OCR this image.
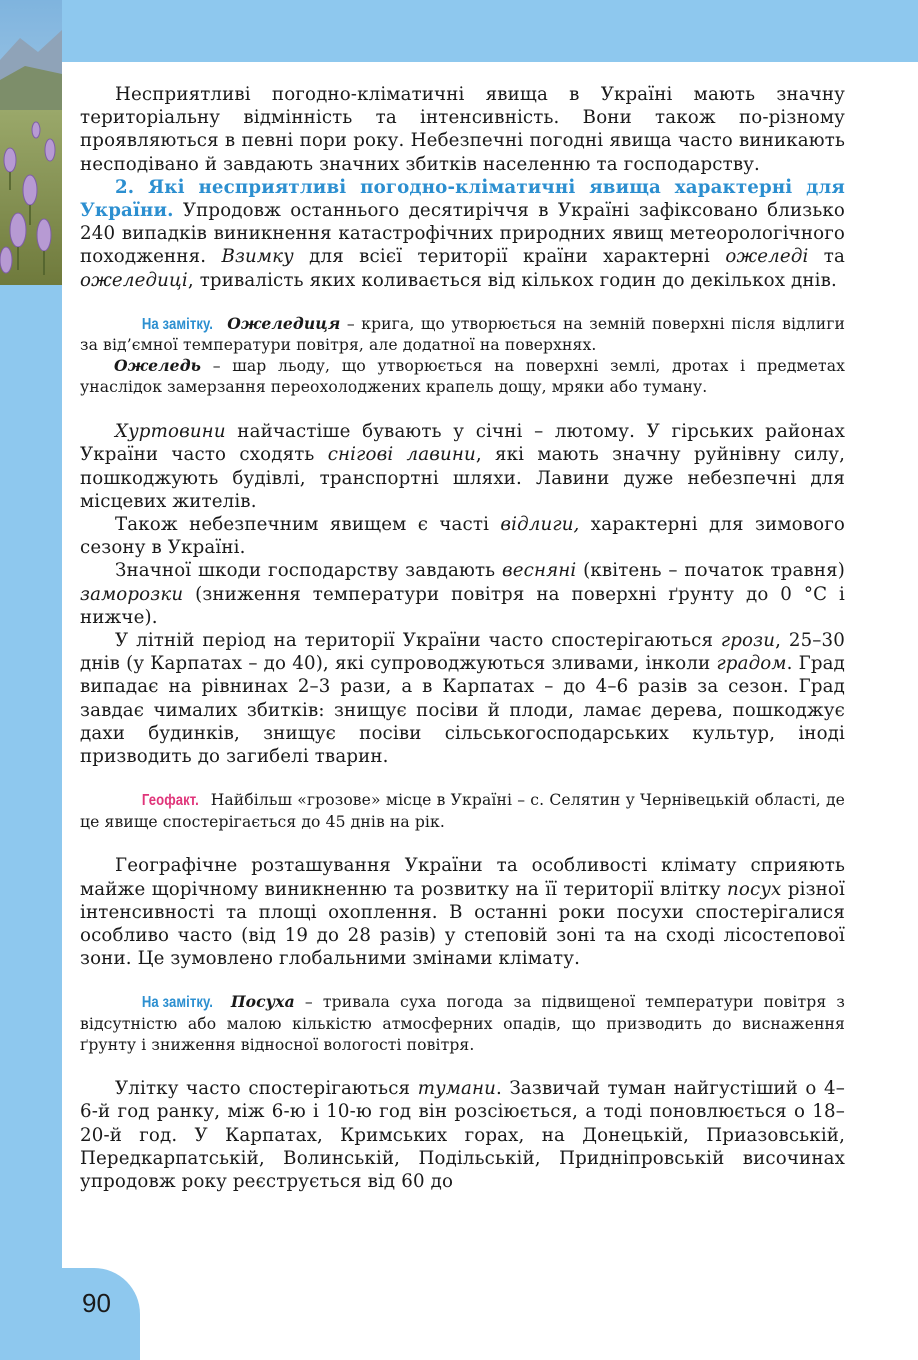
90

Несприятливі погодно-кліматичні явища в Україні мають значну територіальну відмінність та інтенсивність. Вони також по-різному проявляються в певні пори року. Небезпечні погодні явища часто виникають несподівано й завдають значних збитків населенню та господарству.

2. Які несприятливі погодно-кліматичні явища характерні для України. Упродовж останнього десятиріччя в Україні зафіксовано близько 240 випадків виникнення катастрофічних природних явищ метеорологічного походження. Взимку для всієї території країни характерні ожеледі та ожеледиці, тривалість яких коливається від кількох годин до декількох днів.

На замітку. Ожеледиця – крига, що утворюється на земній поверхні після відлиги за від’ємної температури повітря, але додатної на поверхнях.

Ожеледь – шар льоду, що утворюється на поверхні землі, дротах і предметах унаслідок замерзання переохолоджених крапель дощу, мряки або туману.

Хуртовини найчастіше бувають у січні – лютому. У гірських районах України часто сходять снігові лавини, які мають значну руйнівну силу, пошкоджують будівлі, транспортні шляхи. Лавини дуже небезпечні для місцевих жителів.

Також небезпечним явищем є часті відлиги, характерні для зимового сезону в Україні.

Значної шкоди господарству завдають весняні (квітень – початок травня) заморозки (зниження температури повітря на поверхні ґрунту до 0 °С і нижче).

У літній період на території України часто спостерігаються грози, 25–30 днів (у Карпатах – до 40), які супроводжуються зливами, інколи градом. Град випадає на рівнинах 2–3 рази, а в Карпатах – до 4–6 разів за сезон. Град завдає чималих збитків: знищує посіви й плоди, ламає дерева, пошкоджує дахи будинків, знищує посіви сільськогосподарських культур, іноді призводить до загибелі тварин.

Геофакт. Найбільш «грозове» місце в Україні – с. Селятин у Чернівецькій області, де це явище спостерігається до 45 днів на рік.

Географічне розташування України та особливості клімату сприяють майже щорічному виникненню та розвитку на її території влітку посух різної інтенсивності та площі охоплення. В останні роки посухи спостерігалися особливо часто (від 19 до 28 разів) у степовій зоні та на сході лісостепової зони. Це зумовлено глобальними змінами клімату.

На замітку. Посуха – тривала суха погода за підвищеної температури повітря з відсутністю або малою кількістю атмосферних опадів, що призводить до виснаження ґрунту і зниження відносної вологості повітря.

Улітку часто спостерігаються тумани. Зазвичай туман найгустіший о 4–6-й год ранку, між 6-ю і 10-ю год він розсіюється, а тоді поновлюється о 18–20-й год. У Карпатах, Кримських горах, на Донецькій, Приазовській, Передкарпатській, Волинській, Подільській, Придніпровській височинах упродовж року реєструється від 60 до
